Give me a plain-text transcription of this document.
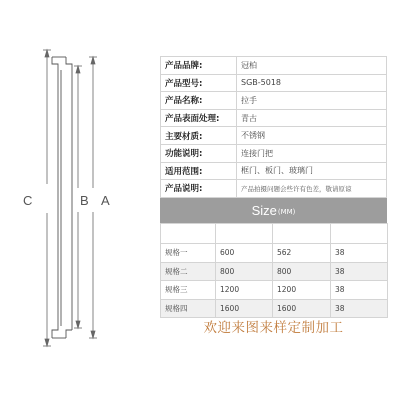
C	B A
产品品牌:	冠柏
产品型号:	SGB-5018
产品名称:	拉手
产品表面处理:	青古
主要材质:	不锈钢
功能说明:	连接门把
适用范围:	框门、板门、玻璃门
产品说明:	产品拍摄问题会些许有色差，敬请原谅
Size (MM)

规格一	600	562	38
规格二	800	800	38
规格三	1200	1200	38
规格四	1600	1600	38
欢迎来图来样定制加工
